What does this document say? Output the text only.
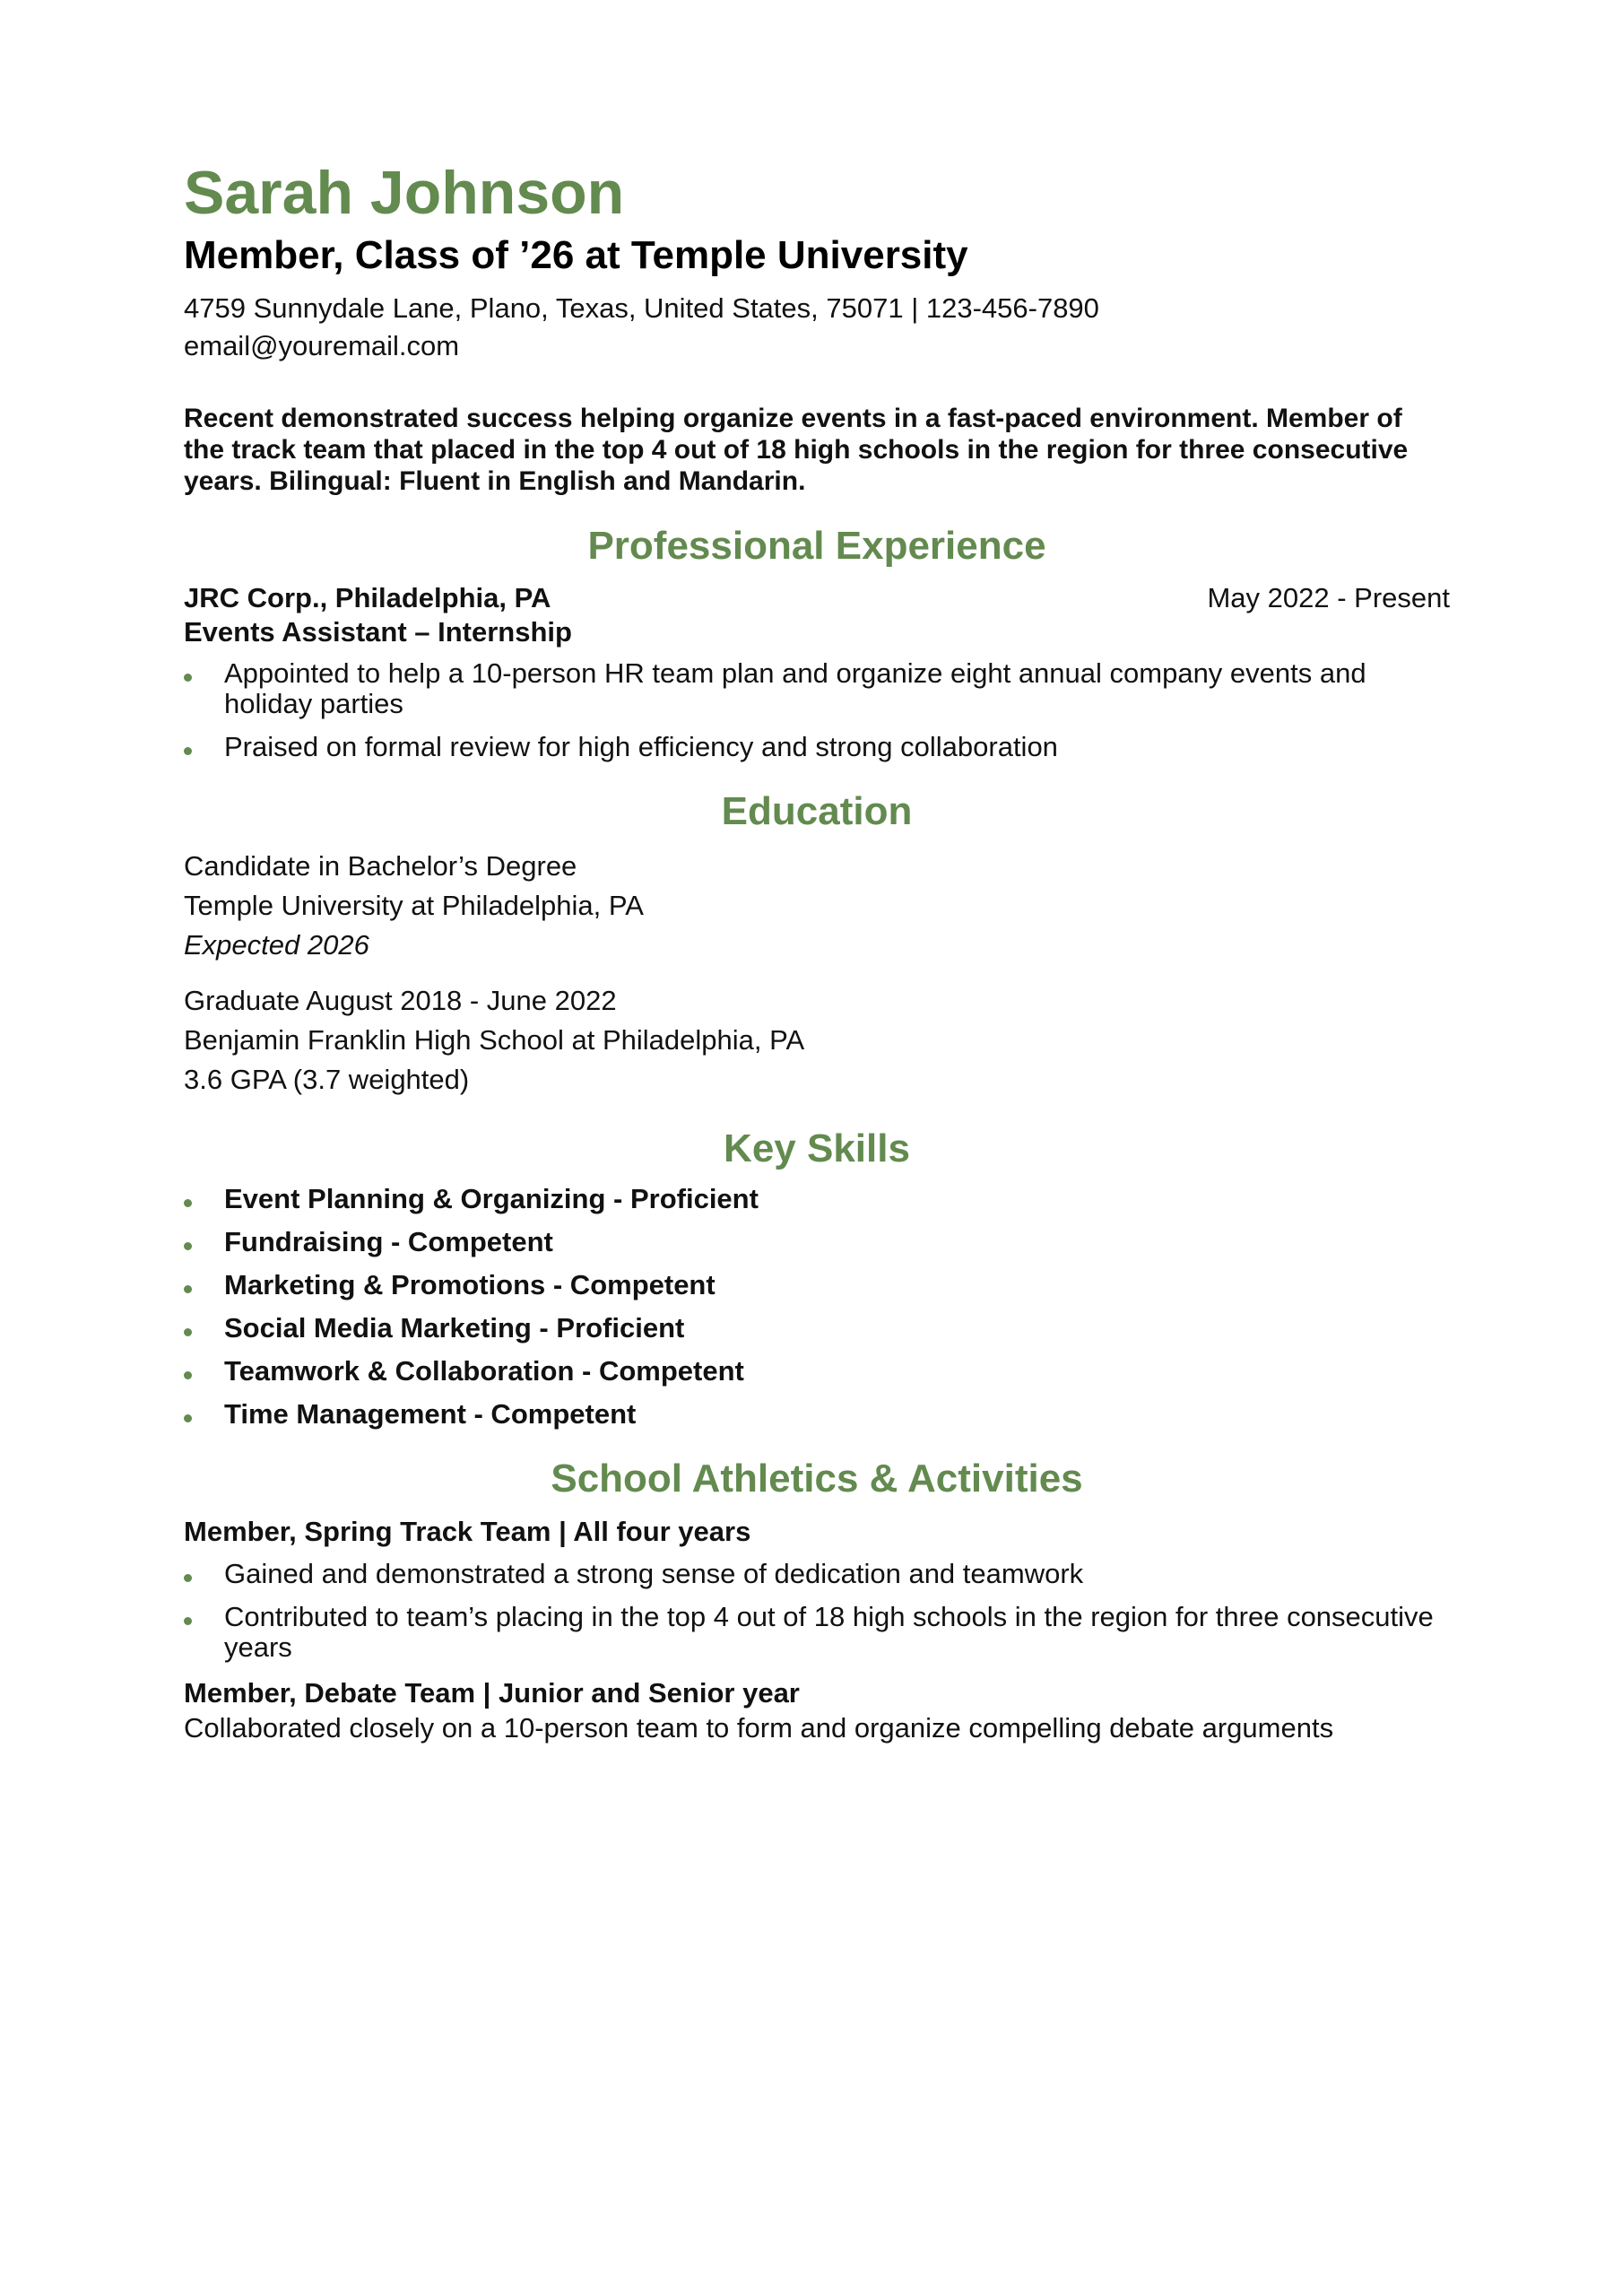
Sarah Johnson
Member, Class of ’26 at Temple University

4759 Sunnydale Lane, Plano, Texas, United States, 75071 | 123-456-7890

email@youremail.com

Recent demonstrated success helping organize events in a fast-paced environment. Member of the track team that placed in the top 4 out of 18 high schools in the region for three consecutive years. Bilingual: Fluent in English and Mandarin.

Professional Experience
JRC Corp., Philadelphia, PA	May 2022 - Present

Events Assistant – Internship

Appointed to help a 10-person HR team plan and organize eight annual company events and holiday parties
Praised on formal review for high efficiency and strong collaboration
Education

Candidate in Bachelor’s Degree

Temple University at Philadelphia, PA

Expected 2026

Graduate August 2018 - June 2022

Benjamin Franklin High School at Philadelphia, PA

3.6 GPA (3.7 weighted)

Key Skills
Event Planning & Organizing - Proficient
Fundraising - Competent
Marketing & Promotions - Competent
Social Media Marketing - Proficient
Teamwork & Collaboration - Competent
Time Management - Competent
School Athletics & Activities

Member, Spring Track Team | All four years

Gained and demonstrated a strong sense of dedication and teamwork
Contributed to team’s placing in the top 4 out of 18 high schools in the region for three consecutive years

Member, Debate Team | Junior and Senior year

Collaborated closely on a 10-person team to form and organize compelling debate arguments
